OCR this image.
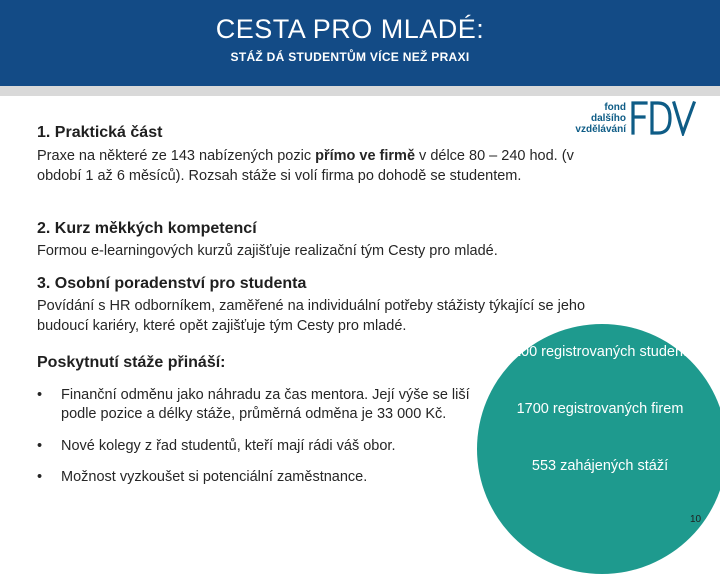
CESTA PRO MLADÉ:
STÁŽ DÁ STUDENTŮM VÍCE NEŽ PRAXI
fond
dalšího
vzdělávání
1. Praktická část
Praxe na některé ze 143 nabízených pozic přímo ve firmě v délce 80 – 240 hod. (v období 1 až 6 měsíců). Rozsah stáže si volí firma po dohodě se studentem.
2. Kurz měkkých kompetencí
Formou e-learningových kurzů zajišťuje realizační tým Cesty pro mladé.
3. Osobní poradenství pro studenta
Povídání s HR odborníkem, zaměřené na individuální potřeby stážisty týkající se jeho budoucí kariéry, které opět zajišťuje tým Cesty pro mladé.
Poskytnutí stáže přináší:
• Finanční odměnu jako náhradu za čas mentora. Její výše se liší podle pozice a délky stáže, průměrná odměna je 33 000 Kč.
• Nové kolegy z řad studentů, kteří mají rádi váš obor.
• Možnost vyzkoušet si potenciální zaměstnance.
4100 registrovaných studentů
1700 registrovaných firem
553 zahájených stáží
10
